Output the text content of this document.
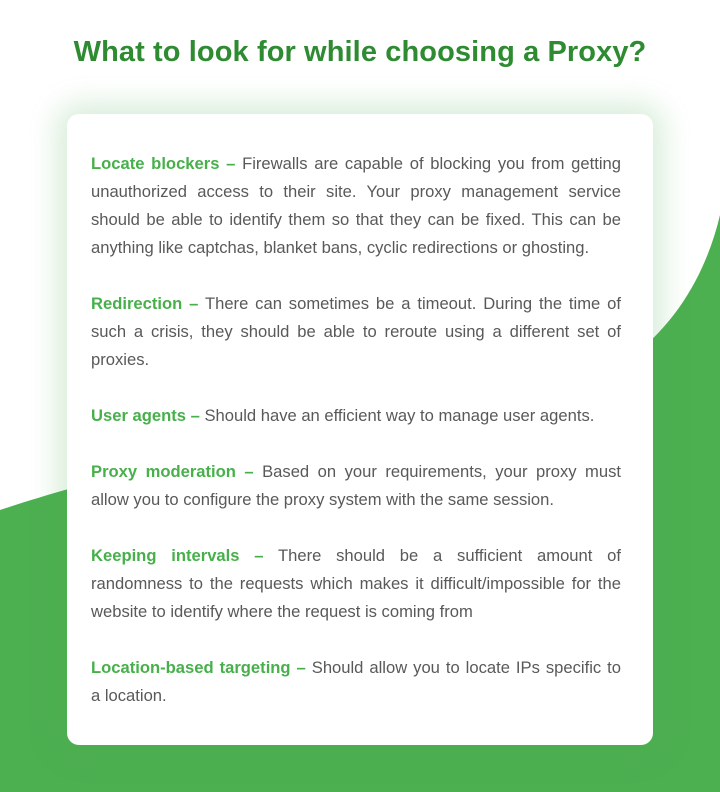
What to look for while choosing a Proxy?

Locate blockers – Firewalls are capable of blocking you from getting unauthorized access to their site. Your proxy management service should be able to identify them so that they can be fixed. This can be anything like captchas, blanket bans, cyclic redirections or ghosting.

Redirection – There can sometimes be a timeout. During the time of such a crisis, they should be able to reroute using a different set of proxies.

User agents – Should have an efficient way to manage user agents.

Proxy moderation – Based on your requirements, your proxy must allow you to configure the proxy system with the same session.

Keeping intervals – There should be a sufficient amount of randomness to the requests which makes it difficult/impossible for the website to identify where the request is coming from

Location-based targeting – Should allow you to locate IPs specific to a location.
